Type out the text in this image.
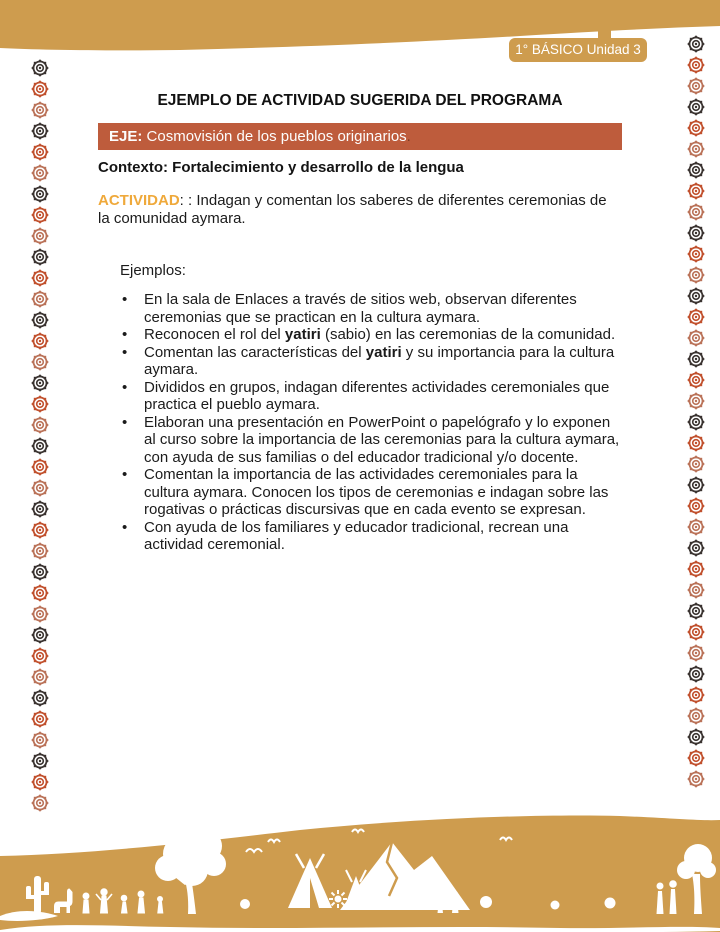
1° BÁSICO Unidad 3
EJEMPLO DE ACTIVIDAD SUGERIDA DEL PROGRAMA
EJE: Cosmovisión de los pueblos originarios.
Contexto: Fortalecimiento y desarrollo de la lengua

ACTIVIDAD: : Indagan y comentan los saberes de diferentes ceremonias de la comunidad aymara.

Ejemplos:
•	En la sala de Enlaces a través de sitios web, observan diferentes ceremonias que se practican en la cultura aymara.
•	Reconocen el rol del yatiri (sabio) en las ceremonias de la comunidad.
•	Comentan las características del yatiri y su importancia para la cultura aymara.
•	Divididos en grupos, indagan diferentes actividades ceremoniales que practica el pueblo aymara.
•	Elaboran una presentación en PowerPoint o papelógrafo y lo exponen al curso sobre la importancia de las ceremonias para la cultura aymara, con ayuda de sus familias o del educador tradicional y/o docente.
•	Comentan la importancia de las actividades ceremoniales para la cultura aymara. Conocen los tipos de ceremonias e indagan sobre las rogativas o prácticas discursivas que en cada evento se expresan.
•	Con ayuda de los familiares y educador tradicional, recrean una actividad ceremonial.
